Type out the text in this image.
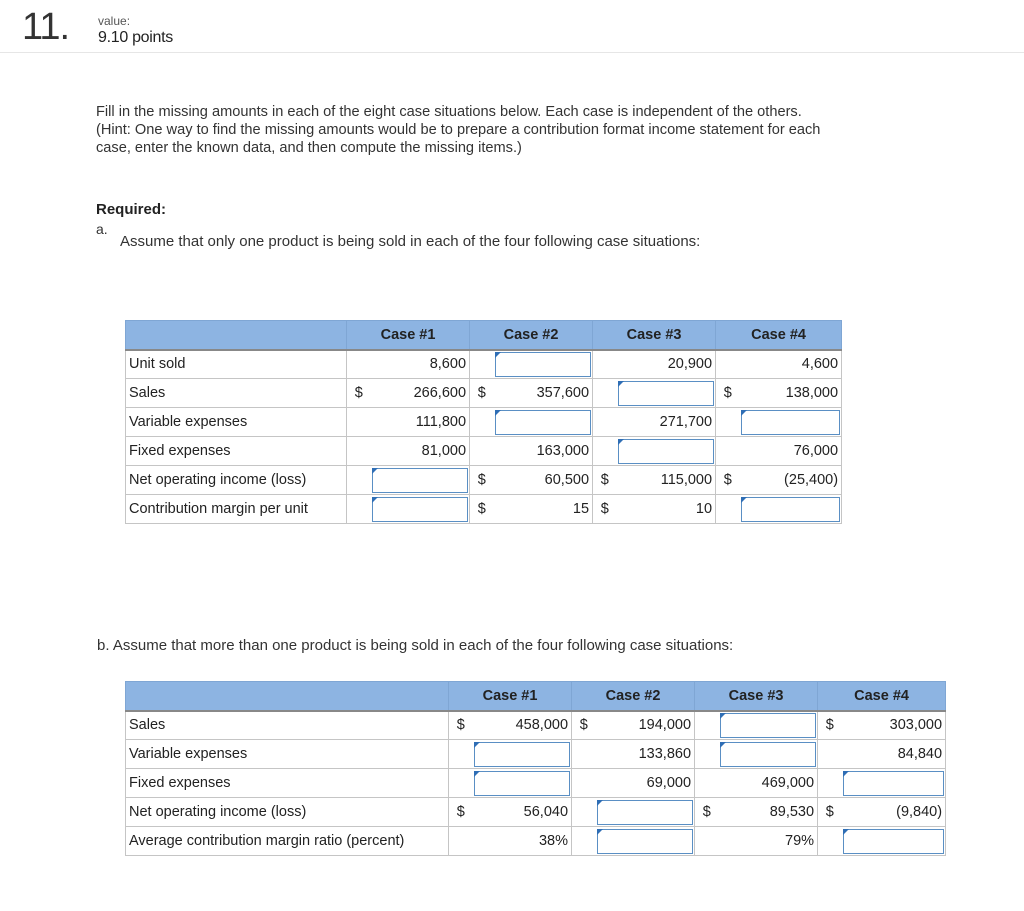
11. value:
9.10 points
Fill in the missing amounts in each of the eight case situations below. Each case is independent of the others. (Hint: One way to find the missing amounts would be to prepare a contribution format income statement for each case, enter the known data, and then compute the missing items.)
Required:
a.
Assume that only one product is being sold in each of the four following case situations:
	Case #1		Case #2		Case #3		Case #4	
Unit sold		8,600				20,900		4,600
Sales	$	266,600	$	357,600			$	138,000
Variable expenses		111,800				271,700		

Fixed expenses		81,000		163,000				76,000
Net operating income (loss)			$	60,500	$	115,000	$	(25,400)
Contribution margin per unit			$	15	$	10		
b. Assume that more than one product is being sold in each of the four following case situations:
	Case #1		Case #2		Case #3		Case #4	
Sales	$	458,000	$	194,000			$	303,000
Variable expenses				133,860				84,840
Fixed expenses				69,000		469,000		

Net operating income (loss)	$	56,040			$	89,530	$	(9,840)
Average contribution margin ratio (percent)		38%				79%		
